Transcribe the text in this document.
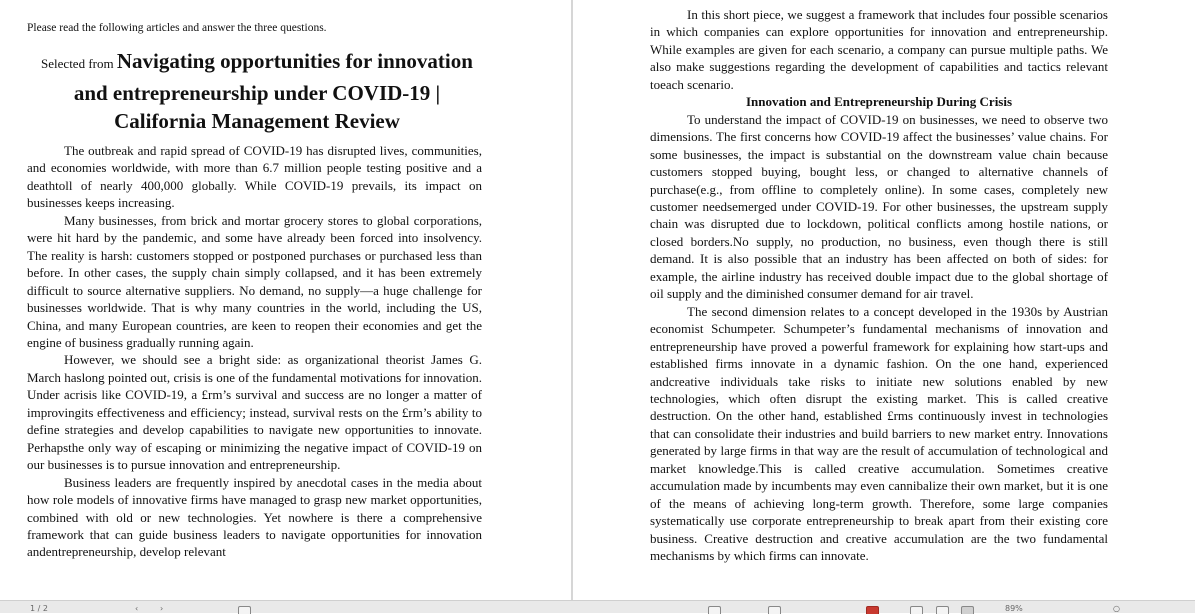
Please read the following articles and answer the three questions.
Selected from Navigating opportunities for innovation and entrepreneurship under COVID-19 | California Management Review

The outbreak and rapid spread of COVID-19 has disrupted lives, communities, and economies worldwide, with more than 6.7 million people testing positive and a deathtoll of nearly 400,000 globally. While COVID-19 prevails, its impact on businesses keeps increasing.

Many businesses, from brick and mortar grocery stores to global corporations, were hit hard by the pandemic, and some have already been forced into insolvency. The reality is harsh: customers stopped or postponed purchases or purchased less than before. In other cases, the supply chain simply collapsed, and it has been extremely difficult to source alternative suppliers. No demand, no supply—a huge challenge for businesses worldwide. That is why many countries in the world, including the US, China, and many European countries, are keen to reopen their economies and get the engine of business gradually running again.

However, we should see a bright side: as organizational theorist James G. March haslong pointed out, crisis is one of the fundamental motivations for innovation. Under acrisis like COVID-19, a £rm’s survival and success are no longer a matter of improvingits effectiveness and efficiency; instead, survival rests on the £rm’s ability to define strategies and develop capabilities to navigate new opportunities to innovate. Perhapsthe only way of escaping or minimizing the negative impact of COVID-19 on our businesses is to pursue innovation and entrepreneurship.

Business leaders are frequently inspired by anecdotal cases in the media about how role models of innovative firms have managed to grasp new market opportunities, combined with old or new technologies. Yet nowhere is there a comprehensive framework that can guide business leaders to navigate opportunities for innovation andentrepreneurship, develop relevant

In this short piece, we suggest a framework that includes four possible scenarios in which companies can explore opportunities for innovation and entrepreneurship. While examples are given for each scenario, a company can pursue multiple paths. We also make suggestions regarding the development of capabilities and tactics relevant toeach scenario.

Innovation and Entrepreneurship During Crisis

To understand the impact of COVID-19 on businesses, we need to observe two dimensions. The first concerns how COVID-19 affect the businesses’ value chains. For some businesses, the impact is substantial on the downstream value chain because customers stopped buying, bought less, or changed to alternative channels of purchase(e.g., from offline to completely online). In some cases, completely new customer needsemerged under COVID-19. For other businesses, the upstream supply chain was disrupted due to lockdown, political conflicts among hostile nations, or closed borders.No supply, no production, no business, even though there is still demand. It is also possible that an industry has been affected on both of sides: for example, the airline industry has received double impact due to the global shortage of oil supply and the diminished consumer demand for air travel.

The second dimension relates to a concept developed in the 1930s by Austrian economist Schumpeter. Schumpeter’s fundamental mechanisms of innovation and entrepreneurship have proved a powerful framework for explaining how start-ups and established firms innovate in a dynamic fashion. On the one hand, experienced andcreative individuals take risks to initiate new solutions enabled by new technologies, which often disrupt the existing market. This is called creative destruction. On the other hand, established £rms continuously invest in technologies that can consolidate their industries and build barriers to new market entry. Innovations generated by large firms in that way are the result of accumulation of technological and market knowledge.This is called creative accumulation. Sometimes creative accumulation made by incumbents may even cannibalize their own market, but it is one of the means of achieving long-term growth. Therefore, some large companies systematically use corporate entrepreneurship to break apart from their existing core business. Creative destruction and creative accumulation are the two fundamental mechanisms by which firms can innovate.

1 / 2	‹	›	89%	○
